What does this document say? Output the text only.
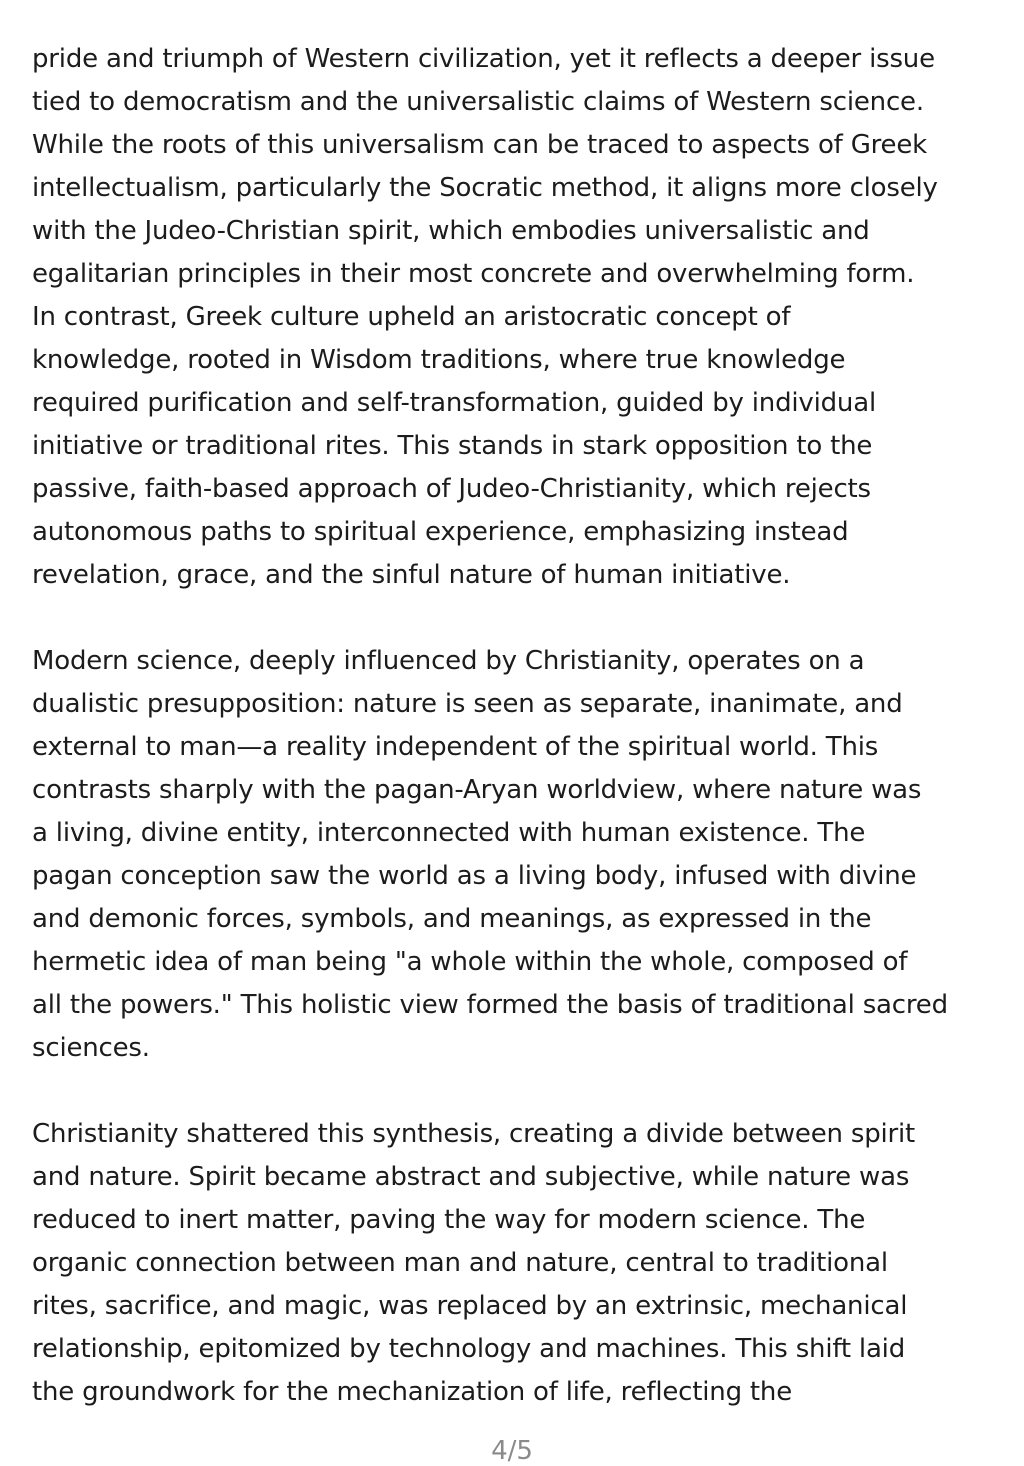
pride and triumph of Western civilization, yet it reflects a deeper issue
tied to democratism and the universalistic claims of Western science.
While the roots of this universalism can be traced to aspects of Greek
intellectualism, particularly the Socratic method, it aligns more closely
with the Judeo-Christian spirit, which embodies universalistic and
egalitarian principles in their most concrete and overwhelming form.
In contrast, Greek culture upheld an aristocratic concept of
knowledge, rooted in Wisdom traditions, where true knowledge
required purification and self-transformation, guided by individual
initiative or traditional rites. This stands in stark opposition to the
passive, faith-based approach of Judeo-Christianity, which rejects
autonomous paths to spiritual experience, emphasizing instead
revelation, grace, and the sinful nature of human initiative.
Modern science, deeply influenced by Christianity, operates on a
dualistic presupposition: nature is seen as separate, inanimate, and
external to man—a reality independent of the spiritual world. This
contrasts sharply with the pagan-Aryan worldview, where nature was
a living, divine entity, interconnected with human existence. The
pagan conception saw the world as a living body, infused with divine
and demonic forces, symbols, and meanings, as expressed in the
hermetic idea of man being "a whole within the whole, composed of
all the powers." This holistic view formed the basis of traditional sacred
sciences.
Christianity shattered this synthesis, creating a divide between spirit
and nature. Spirit became abstract and subjective, while nature was
reduced to inert matter, paving the way for modern science. The
organic connection between man and nature, central to traditional
rites, sacrifice, and magic, was replaced by an extrinsic, mechanical
relationship, epitomized by technology and machines. This shift laid
the groundwork for the mechanization of life, reflecting the
4/5
